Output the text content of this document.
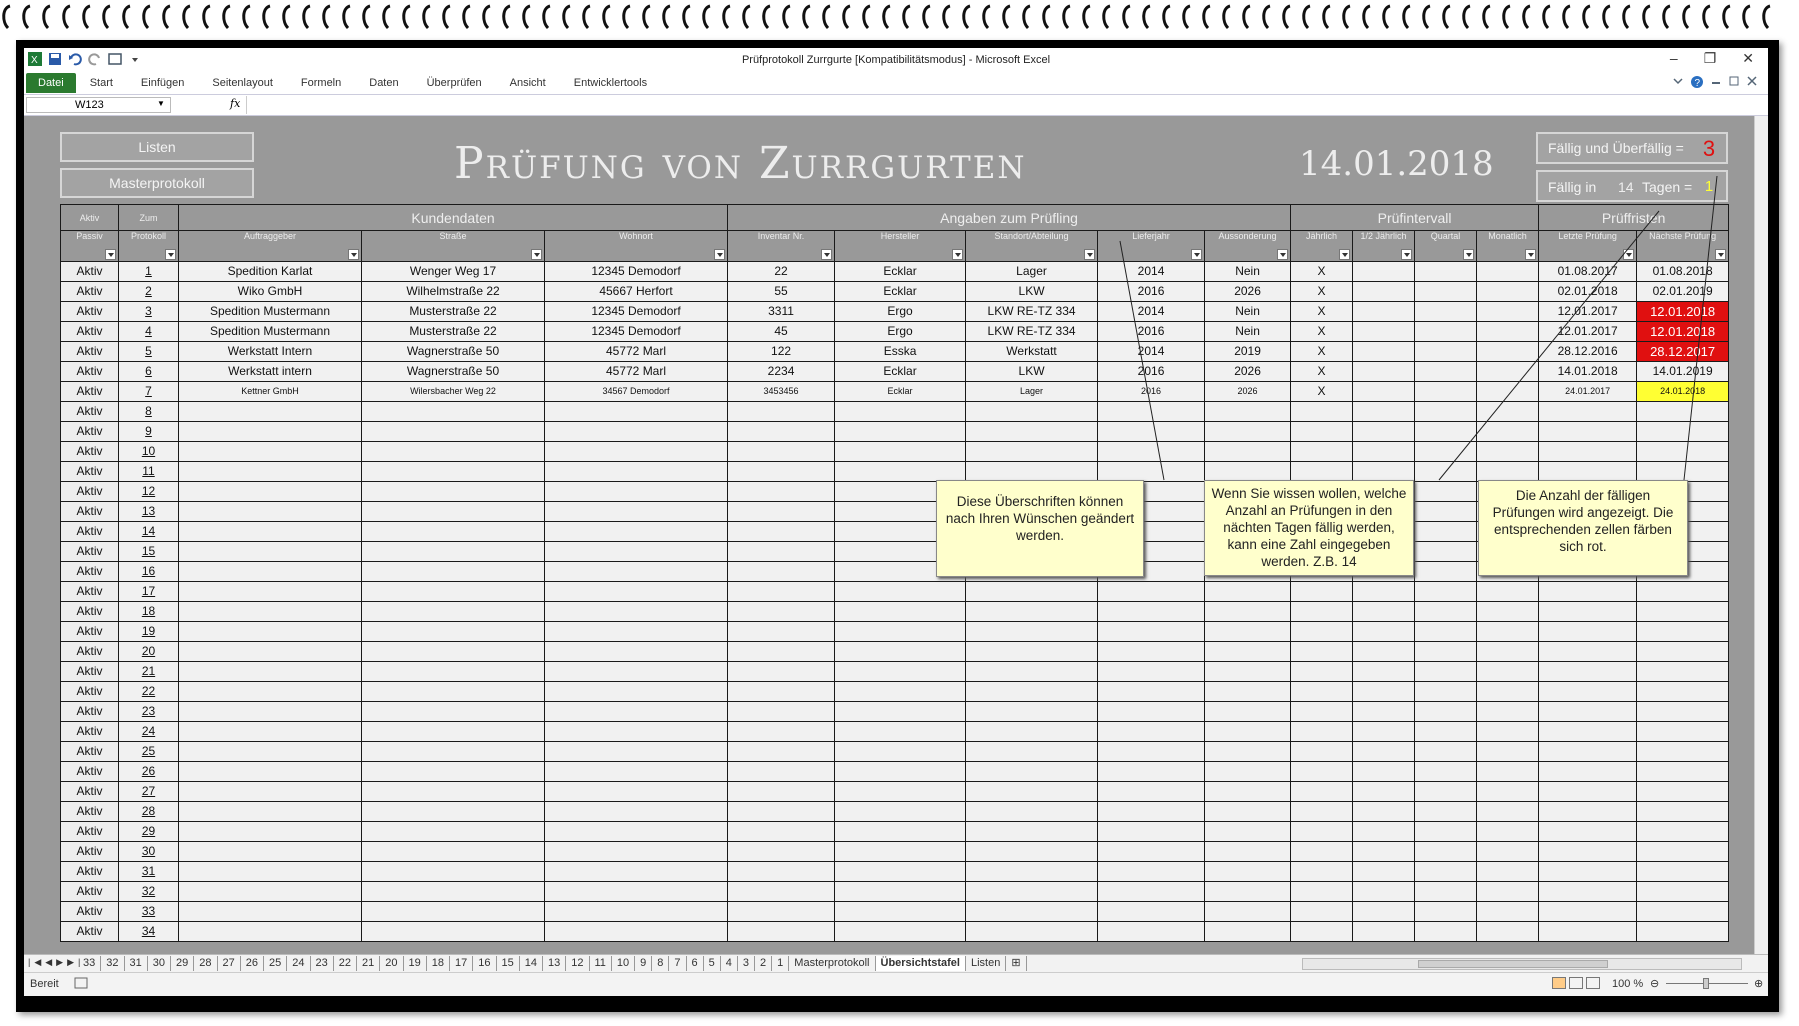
X	Prüfprotokoll Zurrgurte [Kompatibilitätsmodus] - Microsoft Excel	– ❐ ✕
Datei	Start	Einfügen	Seitenlayout	Formeln	Daten	Überprüfen	Ansicht	Entwicklertools	?
W123	▼	fx
Listen
Masterprotokoll	Prüfung von Zurrgurten	14.01.2018	Fällig und Überfällig = 3
Fällig in 14 Tagen = 1
Aktiv	Zum	Kundendaten			Angaben zum Prüfling					Prüfintervall				Prüffristen	
Passiv	Protokoll	Auftraggeber	Straße	Wohnort	Inventar Nr.	Hersteller	Standort/Abteilung	Lieferjahr	Aussonderung	Jährlich	1/2 Jährlich	Quartal	Monatlich	Letzte Prüfung	Nächste Prüfung

Aktiv	1	Spedition Karlat	Wenger Weg 17	12345 Demodorf	22	Ecklar	Lager	2014	Nein	X				01.08.2017	01.08.2018
Aktiv	2	Wiko GmbH	Wilhelmstraße 22	45667 Herfort	55	Ecklar	LKW	2016	2026	X				02.01.2018	02.01.2019
Aktiv	3	Spedition Mustermann	Musterstraße 22	12345 Demodorf	3311	Ergo	LKW RE-TZ 334	2014	Nein	X				12.01.2017	12.01.2018
Aktiv	4	Spedition Mustermann	Musterstraße 22	12345 Demodorf	45	Ergo	LKW RE-TZ 334	2016	Nein	X				12.01.2017	12.01.2018
Aktiv	5	Werkstatt Intern	Wagnerstraße 50	45772 Marl	122	Esska	Werkstatt	2014	2019	X				28.12.2016	28.12.2017
Aktiv	6	Werkstatt intern	Wagnerstraße 50	45772 Marl	2234	Ecklar	LKW	2016	2026	X				14.01.2018	14.01.2019
Aktiv	7	Kettner GmbH	Wilersbacher Weg 22	34567 Demodorf	3453456	Ecklar	Lager	2016	2026	X				24.01.2017	24.01.2018
Aktiv	8														
Aktiv	9														
Aktiv	10														
Aktiv	11														
Aktiv	12														
Aktiv	13														
Aktiv	14														
Aktiv	15														
Aktiv	16														
Aktiv	17														
Aktiv	18														
Aktiv	19														
Aktiv	20														
Aktiv	21														
Aktiv	22														
Aktiv	23														
Aktiv	24														
Aktiv	25														
Aktiv	26														
Aktiv	27														
Aktiv	28														
Aktiv	29														
Aktiv	30														
Aktiv	31														
Aktiv	32														
Aktiv	33														
Aktiv	34														
Diese Überschriften können nach Ihren Wünschen geändert werden.
Wenn Sie wissen wollen, welche Anzahl an Prüfungen in den nächten Tagen fällig werden, kann eine Zahl eingegeben werden. Z.B. 14
Die Anzahl der fälligen Prüfungen wird angezeigt. Die entsprechenden zellen färben sich rot.
|◀◀▶▶|
33	32	31	30	29	28	27	26	25	24	23	22	21	20	19	18	17	16	15	14	13	12	11	10	9	8	7	6	5	4	3	2	1	Masterprotokoll	Übersichtstafel	Listen	⊞
Bereit	100 % ⊖	⊕
